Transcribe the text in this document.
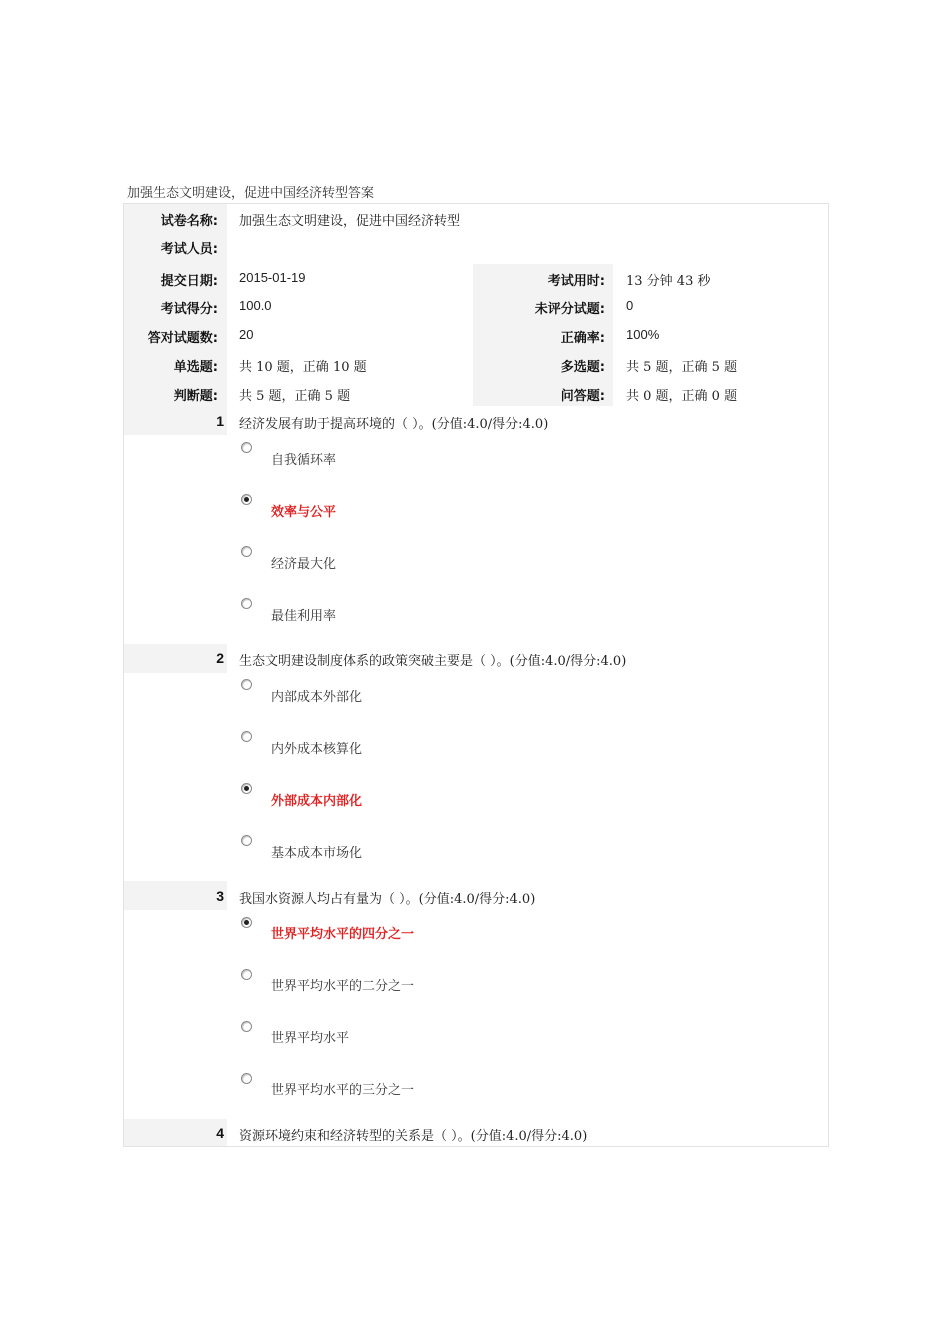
加强生态文明建设，促进中国经济转型答案
试卷名称: 加强生态文明建设，促进中国经济转型
考试人员:
提交日期: 2015-01-19	考试用时: 13 分钟 43 秒
考试得分: 100.0	未评分试题: 0
答对试题数: 20	正确率: 100%
单选题: 共 10 题，正确 10 题	多选题: 共 5 题，正确 5 题
判断题: 共 5 题，正确 5 题	问答题: 共 0 题，正确 0 题
1 经济发展有助于提高环境的（ ）。(分值:4.0/得分:4.0)
自我循环率
效率与公平
经济最大化
最佳利用率
2 生态文明建设制度体系的政策突破主要是（ ）。(分值:4.0/得分:4.0)
内部成本外部化
内外成本核算化
外部成本内部化
基本成本市场化
3 我国水资源人均占有量为（ ）。(分值:4.0/得分:4.0)
世界平均水平的四分之一
世界平均水平的二分之一
世界平均水平
世界平均水平的三分之一
4 资源环境约束和经济转型的关系是（ ）。(分值:4.0/得分:4.0)
